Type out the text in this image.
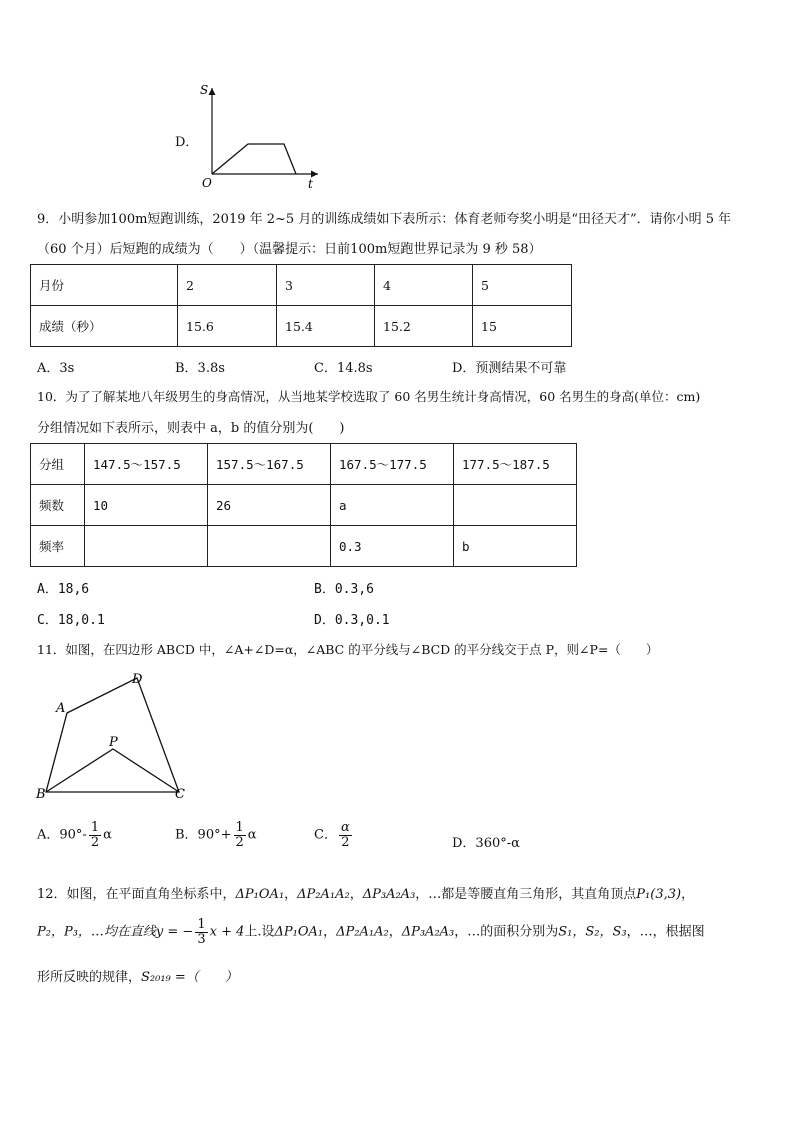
D．
S
t
O
9．小明参加100m短跑训练，2019 年 2~5 月的训练成绩如下表所示：体育老师夸奖小明是“田径天才”．请你小明 5 年
（60 个月）后短跑的成绩为（　　）（温馨提示：日前100m短跑世界记录为 9 秒 58）
月份	2	3	4	5
成绩（秒）	15.6	15.4	15.2	15
A．3s	B．3.8s	C．14.8s	D．预测结果不可靠
10．为了了解某地八年级男生的身高情况，从当地某学校选取了 60 名男生统计身高情况，60 名男生的身高(单位：cm)
分组情况如下表所示，则表中 a，b 的值分别为(　　)
分组	147.5～157.5	157.5～167.5	167.5～177.5	177.5～187.5
频数	10	26	a	
频率			0.3	b
A．18,6	B．0.3,6
C．18,0.1	D．0.3,0.1
11．如图，在四边形 ABCD 中，∠A+∠D=α，∠ABC 的平分线与∠BCD 的平分线交于点 P，则∠P=（　　）
A
B	C
D
P
A．$90^\circ- \frac{1}{2}$ α	B．$90^\circ+ \frac{1}{2}$ α	C． $\frac{\alpha}{2}$	D．360°-α
12．如图，在平面直角坐标系中，ΔP₁OA₁，ΔP₂A₁A₂，ΔP₃A₂A₃，…都是等腰直角三角形，其直角顶点P₁(3,3)，
P₂，P₃，…均在直线y = − $\frac{1}{3}$ x + 4上.设ΔP₁OA₁，ΔP₂A₁A₂，ΔP₃A₂A₃，…的面积分别为S₁，S₂，S₃，…，根据图
形所反映的规律，S₂₀₁₉ =（　　）
